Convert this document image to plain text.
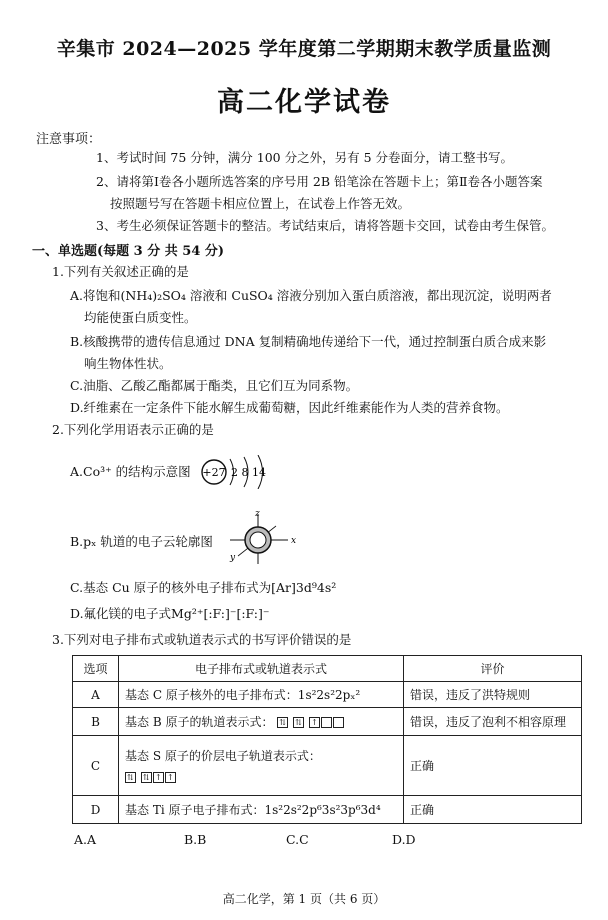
辛集市 2024—2025 学年度第二学期期末教学质量监测
高二化学试卷
注意事项：
1、考试时间 75 分钟，满分 100 分之外，另有 5 分卷面分，请工整书写。
2、请将第Ⅰ卷各小题所选答案的序号用 2B 铅笔涂在答题卡上；第Ⅱ卷各小题答案
按照题号写在答题卡相应位置上，在试卷上作答无效。
3、考生必须保证答题卡的整洁。考试结束后，请将答题卡交回，试卷由考生保管。
一、单选题(每题 3 分 共 54 分)
1.下列有关叙述正确的是
A.将饱和(NH₄)₂SO₄ 溶液和 CuSO₄ 溶液分别加入蛋白质溶液，都出现沉淀，说明两者
均能使蛋白质变性。
B.核酸携带的遗传信息通过 DNA 复制精确地传递给下一代，通过控制蛋白质合成来影
响生物体性状。
C.油脂、乙酸乙酯都属于酯类，且它们互为同系物。
D.纤维素在一定条件下能水解生成葡萄糖，因此纤维素能作为人类的营养食物。
2.下列化学用语表示正确的是
A.Co³⁺ 的结构示意图 +27 2 8 14
B.pₓ 轨道的电子云轮廓图
z
x
y
C.基态 Cu 原子的核外电子排布式为[Ar]3d⁹4s²
D.氟化镁的电子式Mg²⁺[:F:]⁻[:F:]⁻
3.下列对电子排布式或轨道表示式的书写评价错误的是
选项	电子排布式或轨道表示式	评价
A	基态 C 原子核外的电子排布式：1s²2s²2pₓ²	错误，违反了洪特规则
B	基态 B 原子的轨道表示式： ⇅ ⇅ ↑	错误，违反了泡利不相容原理
C	基态 S 原子的价层电子轨道表示式：
⇅ ⇅ ↑ ↑	正确
D	基态 Ti 原子电子排布式：1s²2s²2p⁶3s²3p⁶3d⁴	正确
A.A	B.B	C.C	D.D
高二化学，第 1 页（共 6 页）
